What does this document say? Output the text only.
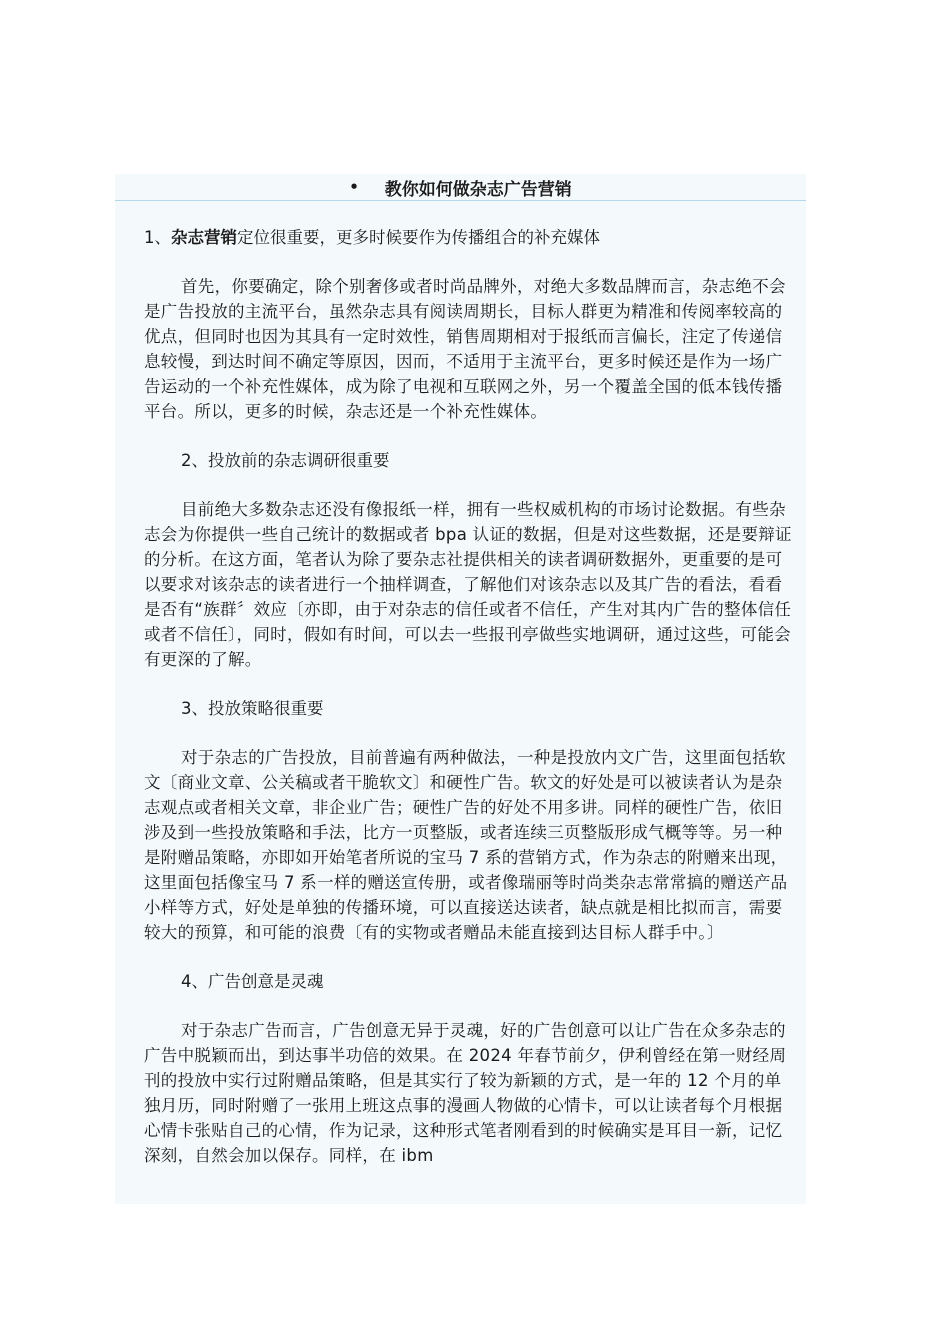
• 教你如何做杂志广告营销
1、杂志营销定位很重要，更多时候要作为传播组合的补充媒体

首先，你要确定，除个别奢侈或者时尚品牌外，对绝大多数品牌而言，杂志绝不会是广告投放的主流平台，虽然杂志具有阅读周期长，目标人群更为精准和传阅率较高的优点，但同时也因为其具有一定时效性，销售周期相对于报纸而言偏长，注定了传递信息较慢，到达时间不确定等原因，因而，不适用于主流平台，更多时候还是作为一场广告运动的一个补充性媒体，成为除了电视和互联网之外，另一个覆盖全国的低本钱传播平台。所以，更多的时候，杂志还是一个补充性媒体。

2、投放前的杂志调研很重要

目前绝大多数杂志还没有像报纸一样，拥有一些权威机构的市场讨论数据。有些杂志会为你提供一些自己统计的数据或者 bpa 认证的数据，但是对这些数据，还是要辩证的分析。在这方面，笔者认为除了要杂志社提供相关的读者调研数据外，更重要的是可以要求对该杂志的读者进行一个抽样调查，了解他们对该杂志以及其广告的看法，看看是否有“族群〞效应〔亦即，由于对杂志的信任或者不信任，产生对其内广告的整体信任或者不信任〕，同时，假如有时间，可以去一些报刊亭做些实地调研，通过这些，可能会有更深的了解。

3、投放策略很重要

对于杂志的广告投放，目前普遍有两种做法，一种是投放内文广告，这里面包括软文〔商业文章、公关稿或者干脆软文〕和硬性广告。软文的好处是可以被读者认为是杂志观点或者相关文章，非企业广告；硬性广告的好处不用多讲。同样的硬性广告，依旧涉及到一些投放策略和手法，比方一页整版，或者连续三页整版形成气概等等。另一种是附赠品策略，亦即如开始笔者所说的宝马 7 系的营销方式，作为杂志的附赠来出现，这里面包括像宝马 7 系一样的赠送宣传册，或者像瑞丽等时尚类杂志常常搞的赠送产品小样等方式，好处是单独的传播环境，可以直接送达读者，缺点就是相比拟而言，需要较大的预算，和可能的浪费〔有的实物或者赠品未能直接到达目标人群手中。〕

4、广告创意是灵魂

对于杂志广告而言，广告创意无异于灵魂，好的广告创意可以让广告在众多杂志的广告中脱颖而出，到达事半功倍的效果。在 2024 年春节前夕，伊利曾经在第一财经周刊的投放中实行过附赠品策略，但是其实行了较为新颖的方式，是一年的 12 个月的单独月历，同时附赠了一张用上班这点事的漫画人物做的心情卡，可以让读者每个月根据心情卡张贴自己的心情，作为记录，这种形式笔者刚看到的时候确实是耳目一新，记忆深刻，自然会加以保存。同样，在 ibm
